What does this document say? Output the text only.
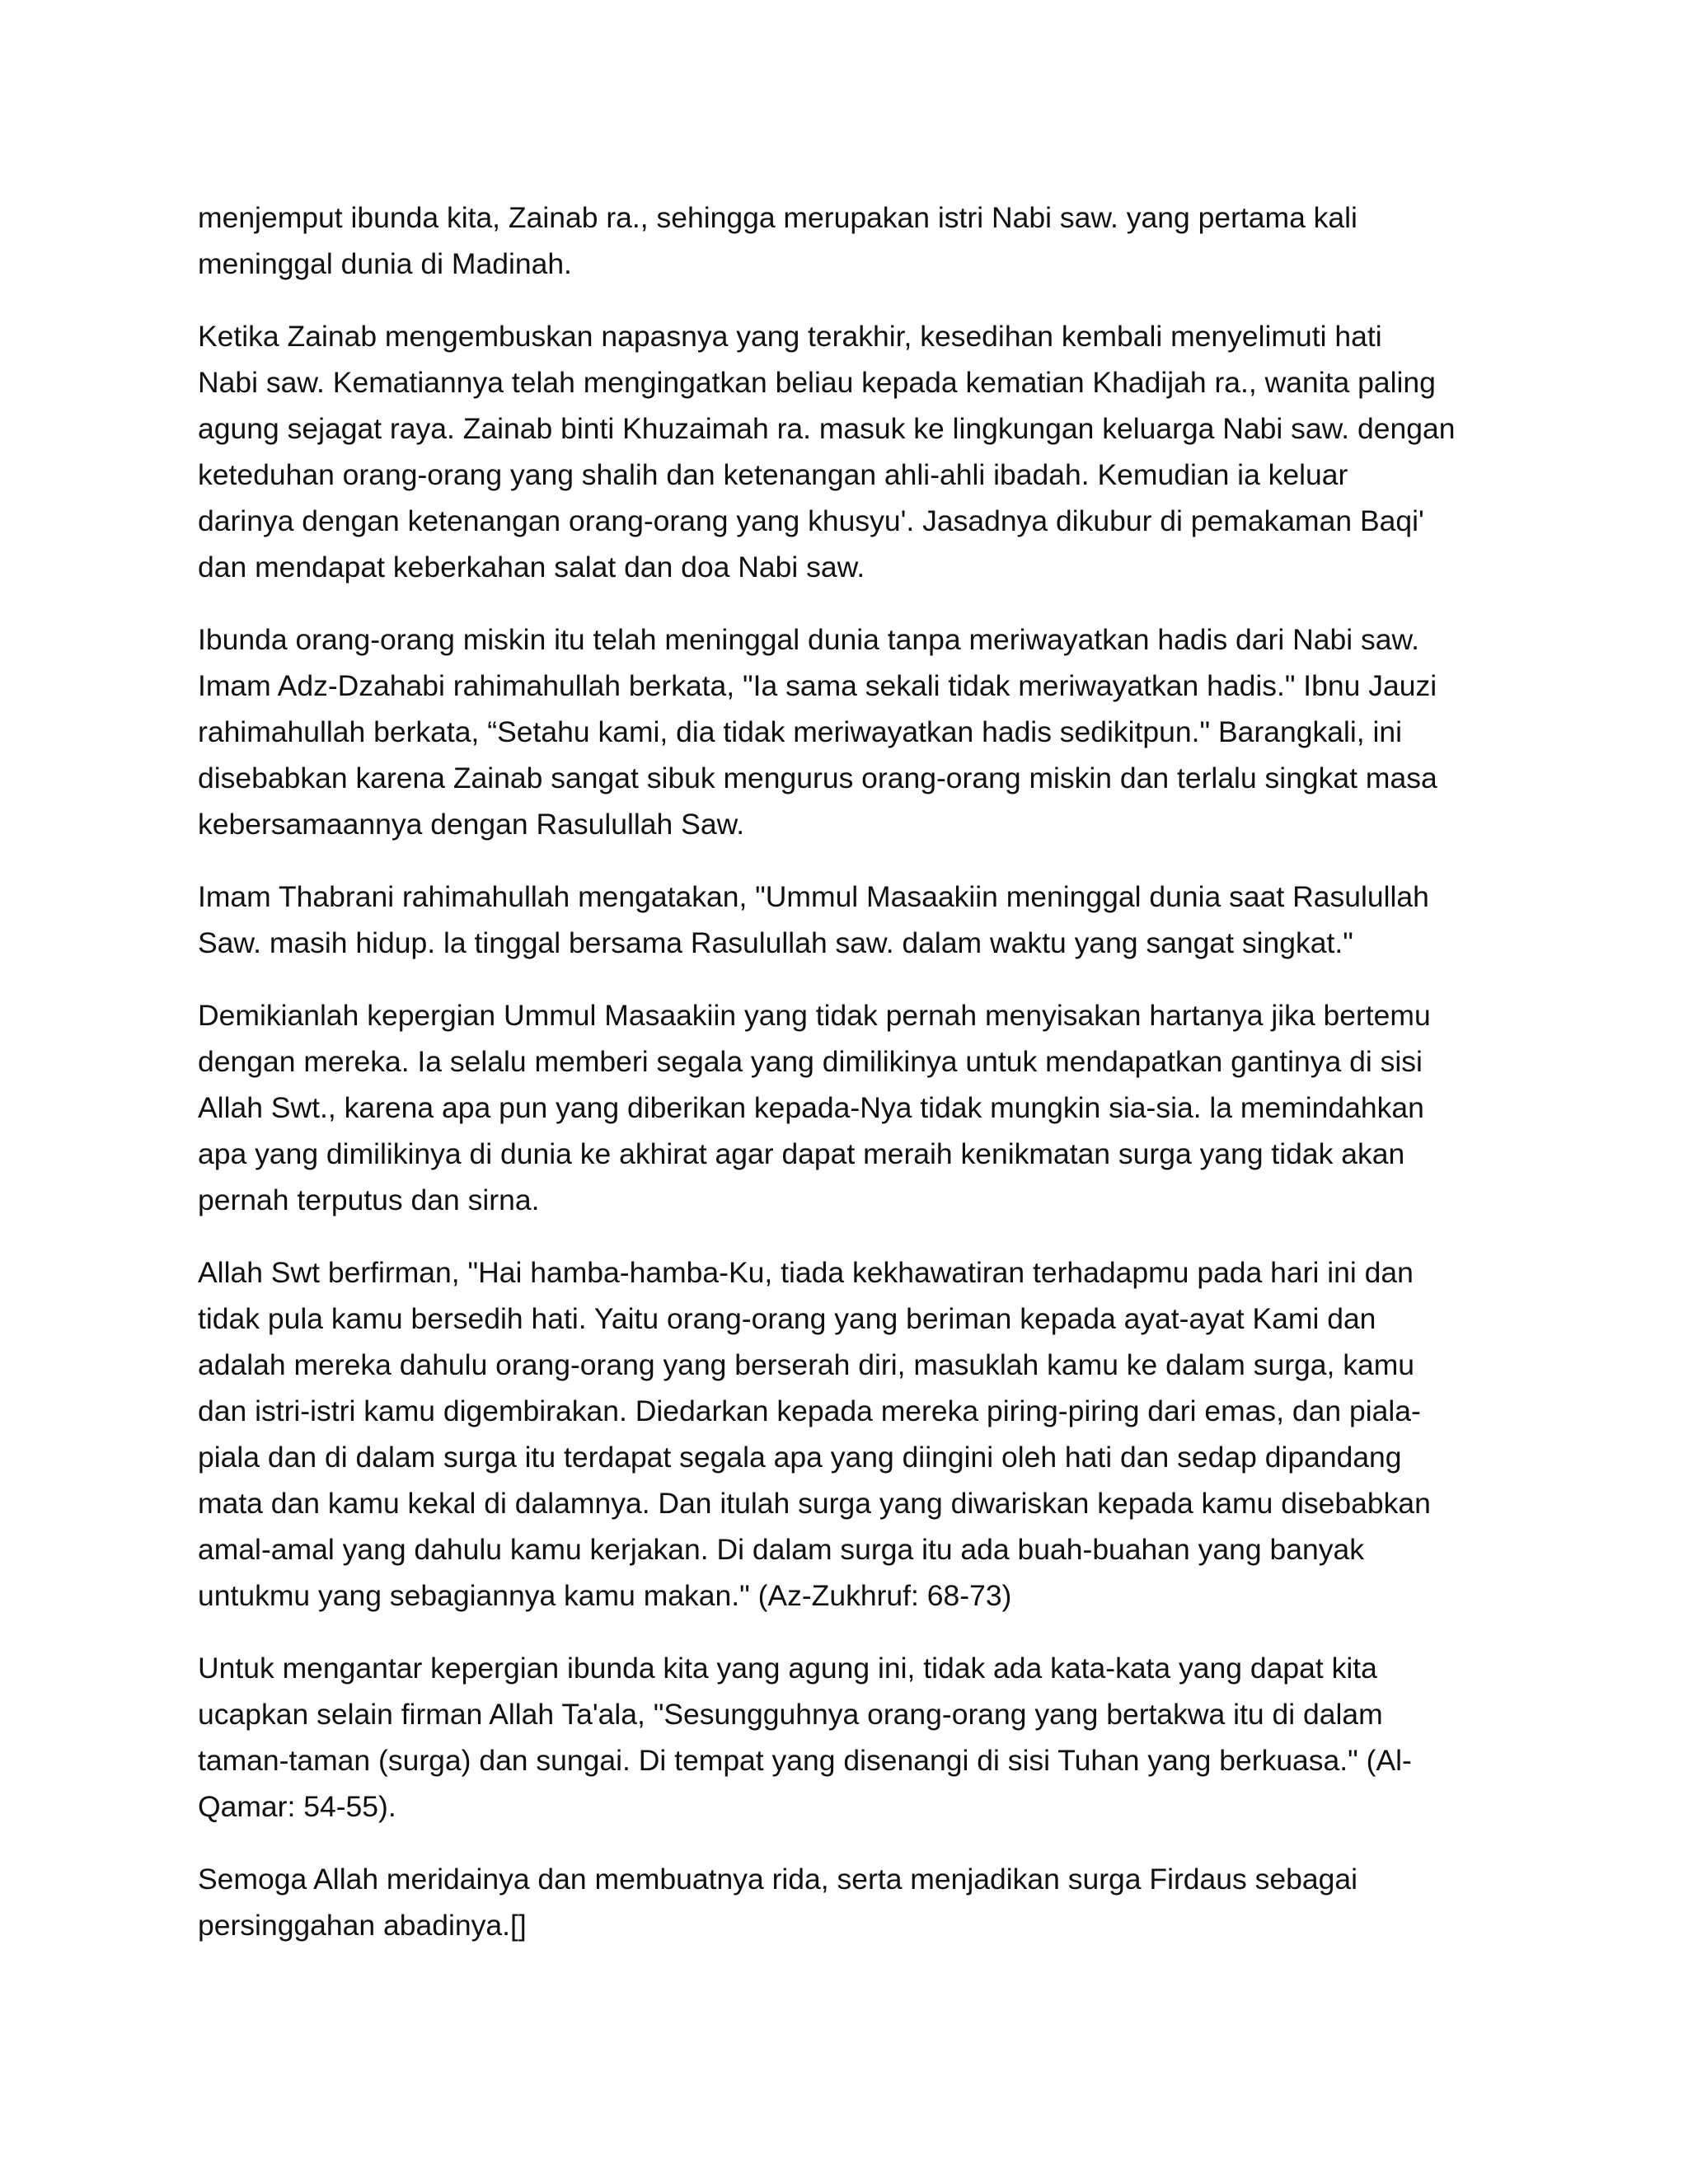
menjemput ibunda kita, Zainab ra., sehingga merupakan istri Nabi saw. yang pertama kali
meninggal dunia di Madinah.

Ketika Zainab mengembuskan napasnya yang terakhir, kesedihan kembali menyelimuti hati
Nabi saw. Kematiannya telah mengingatkan beliau kepada kematian Khadijah ra., wanita paling
agung sejagat raya. Zainab binti Khuzaimah ra. masuk ke lingkungan keluarga Nabi saw. dengan
keteduhan orang-orang yang shalih dan ketenangan ahli-ahli ibadah. Kemudian ia keluar
darinya dengan ketenangan orang-orang yang khusyu'. Jasadnya dikubur di pemakaman Baqi'
dan mendapat keberkahan salat dan doa Nabi saw.

Ibunda orang-orang miskin itu telah meninggal dunia tanpa meriwayatkan hadis dari Nabi saw.
Imam Adz-Dzahabi rahimahullah berkata, "Ia sama sekali tidak meriwayatkan hadis." Ibnu Jauzi
rahimahullah berkata, “Setahu kami, dia tidak meriwayatkan hadis sedikitpun." Barangkali, ini
disebabkan karena Zainab sangat sibuk mengurus orang-orang miskin dan terlalu singkat masa
kebersamaannya dengan Rasulullah Saw.

Imam Thabrani rahimahullah mengatakan, "Ummul Masaakiin meninggal dunia saat Rasulullah
Saw. masih hidup. la tinggal bersama Rasulullah saw. dalam waktu yang sangat singkat."

Demikianlah kepergian Ummul Masaakiin yang tidak pernah menyisakan hartanya jika bertemu
dengan mereka. Ia selalu memberi segala yang dimilikinya untuk mendapatkan gantinya di sisi
Allah Swt., karena apa pun yang diberikan kepada-Nya tidak mungkin sia-sia. la memindahkan
apa yang dimilikinya di dunia ke akhirat agar dapat meraih kenikmatan surga yang tidak akan
pernah terputus dan sirna.

Allah Swt berfirman, "Hai hamba-hamba-Ku, tiada kekhawatiran terhadapmu pada hari ini dan
tidak pula kamu bersedih hati. Yaitu orang-orang yang beriman kepada ayat-ayat Kami dan
adalah mereka dahulu orang-orang yang berserah diri, masuklah kamu ke dalam surga, kamu
dan istri-istri kamu digembirakan. Diedarkan kepada mereka piring-piring dari emas, dan piala-
piala dan di dalam surga itu terdapat segala apa yang diingini oleh hati dan sedap dipandang
mata dan kamu kekal di dalamnya. Dan itulah surga yang diwariskan kepada kamu disebabkan
amal-amal yang dahulu kamu kerjakan. Di dalam surga itu ada buah-buahan yang banyak
untukmu yang sebagiannya kamu makan." (Az-Zukhruf: 68-73)

Untuk mengantar kepergian ibunda kita yang agung ini, tidak ada kata-kata yang dapat kita
ucapkan selain firman Allah Ta'ala, "Sesungguhnya orang-orang yang bertakwa itu di dalam
taman-taman (surga) dan sungai. Di tempat yang disenangi di sisi Tuhan yang berkuasa." (Al-
Qamar: 54-55).

Semoga Allah meridainya dan membuatnya rida, serta menjadikan surga Firdaus sebagai
persinggahan abadinya.[]
